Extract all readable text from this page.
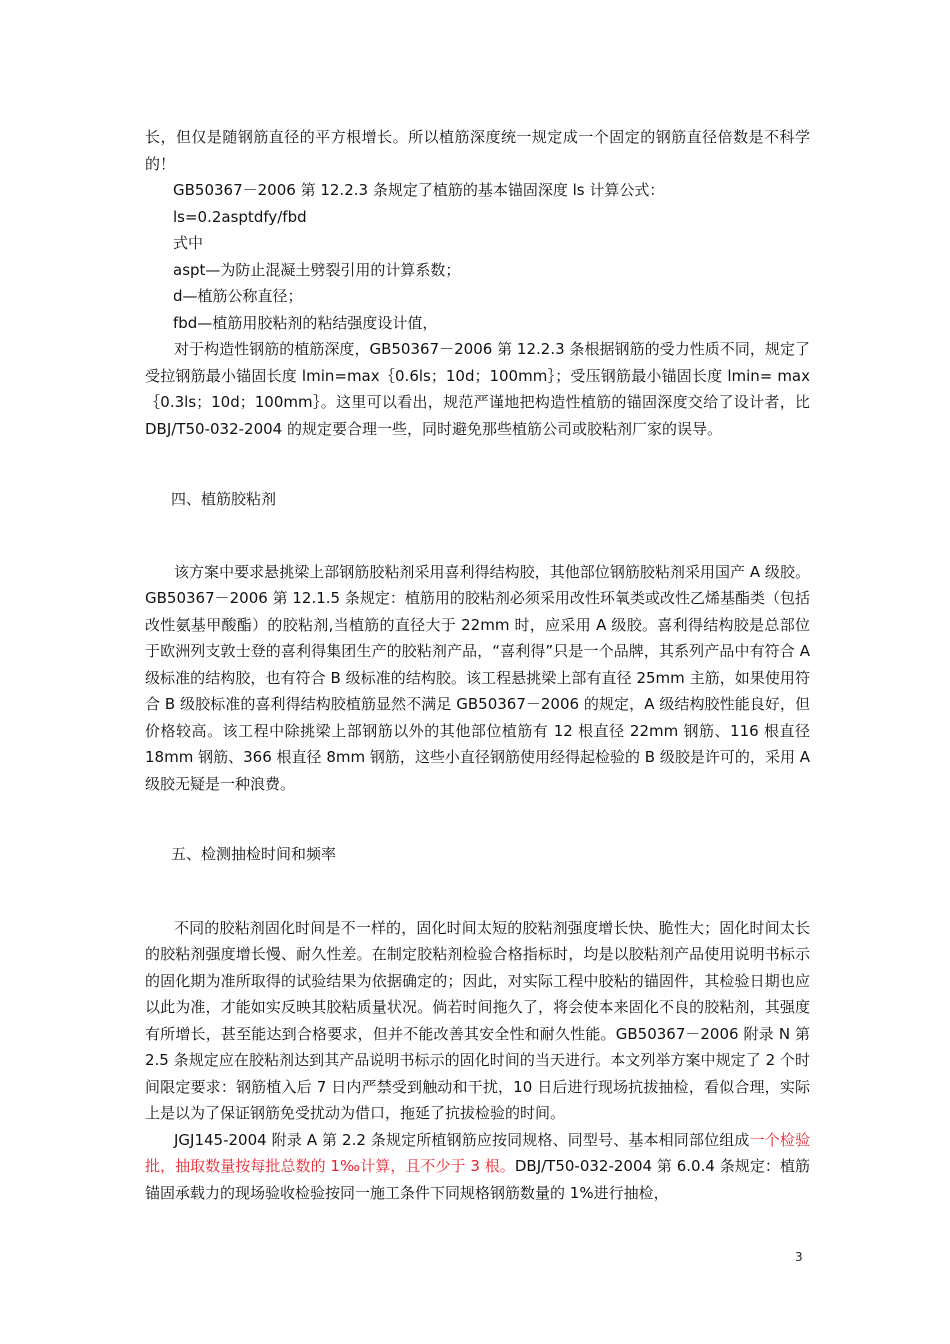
长，但仅是随钢筋直径的平方根增长。所以植筋深度统一规定成一个固定的钢筋直径倍数是不科学的！

GB50367－2006 第 12.2.3 条规定了植筋的基本锚固深度 ls 计算公式：

ls=0.2asptdfy/fbd

式中

aspt—为防止混凝土劈裂引用的计算系数；

d—植筋公称直径；

fbd—植筋用胶粘剂的粘结强度设计值，

对于构造性钢筋的植筋深度，GB50367－2006 第 12.2.3 条根据钢筋的受力性质不同，规定了受拉钢筋最小锚固长度 lmin=max｛0.6ls；10d；100mm｝；受压钢筋最小锚固长度 lmin= max｛0.3ls；10d；100mm｝。这里可以看出，规范严谨地把构造性植筋的锚固深度交给了设计者，比 DBJ/T50-032-2004 的规定要合理一些，同时避免那些植筋公司或胶粘剂厂家的误导。

四、植筋胶粘剂

该方案中要求悬挑梁上部钢筋胶粘剂采用喜利得结构胶，其他部位钢筋胶粘剂采用国产 A 级胶。GB50367－2006 第 12.1.5 条规定：植筋用的胶粘剂必须采用改性环氧类或改性乙烯基酯类（包括改性氨基甲酸酯）的胶粘剂,当植筋的直径大于 22mm 时，应采用 A 级胶。喜利得结构胶是总部位于欧洲列支敦士登的喜利得集团生产的胶粘剂产品，“喜利得”只是一个品牌，其系列产品中有符合 A 级标准的结构胶，也有符合 B 级标准的结构胶。该工程悬挑梁上部有直径 25mm 主筋，如果使用符合 B 级胶标准的喜利得结构胶植筋显然不满足 GB50367－2006 的规定，A 级结构胶性能良好，但价格较高。该工程中除挑梁上部钢筋以外的其他部位植筋有 12 根直径 22mm 钢筋、116 根直径 18mm 钢筋、366 根直径 8mm 钢筋，这些小直径钢筋使用经得起检验的 B 级胶是许可的，采用 A 级胶无疑是一种浪费。

五、检测抽检时间和频率

不同的胶粘剂固化时间是不一样的，固化时间太短的胶粘剂强度增长快、脆性大；固化时间太长的胶粘剂强度增长慢、耐久性差。在制定胶粘剂检验合格指标时，均是以胶粘剂产品使用说明书标示的固化期为准所取得的试验结果为依据确定的；因此，对实际工程中胶粘的锚固件，其检验日期也应以此为准，才能如实反映其胶粘质量状况。倘若时间拖久了，将会使本来固化不良的胶粘剂，其强度有所增长，甚至能达到合格要求，但并不能改善其安全性和耐久性能。GB50367－2006 附录 N 第 2.5 条规定应在胶粘剂达到其产品说明书标示的固化时间的当天进行。本文列举方案中规定了 2 个时间限定要求：钢筋植入后 7 日内严禁受到触动和干扰，10 日后进行现场抗拔抽检，看似合理，实际上是以为了保证钢筋免受扰动为借口，拖延了抗拔检验的时间。

JGJ145-2004 附录 A 第 2.2 条规定所植钢筋应按同规格、同型号、基本相同部位组成一个检验批，抽取数量按每批总数的 1‰计算，且不少于 3 根。DBJ/T50-032-2004 第 6.0.4 条规定：植筋锚固承载力的现场验收检验按同一施工条件下同规格钢筋数量的 1%进行抽检，

3
